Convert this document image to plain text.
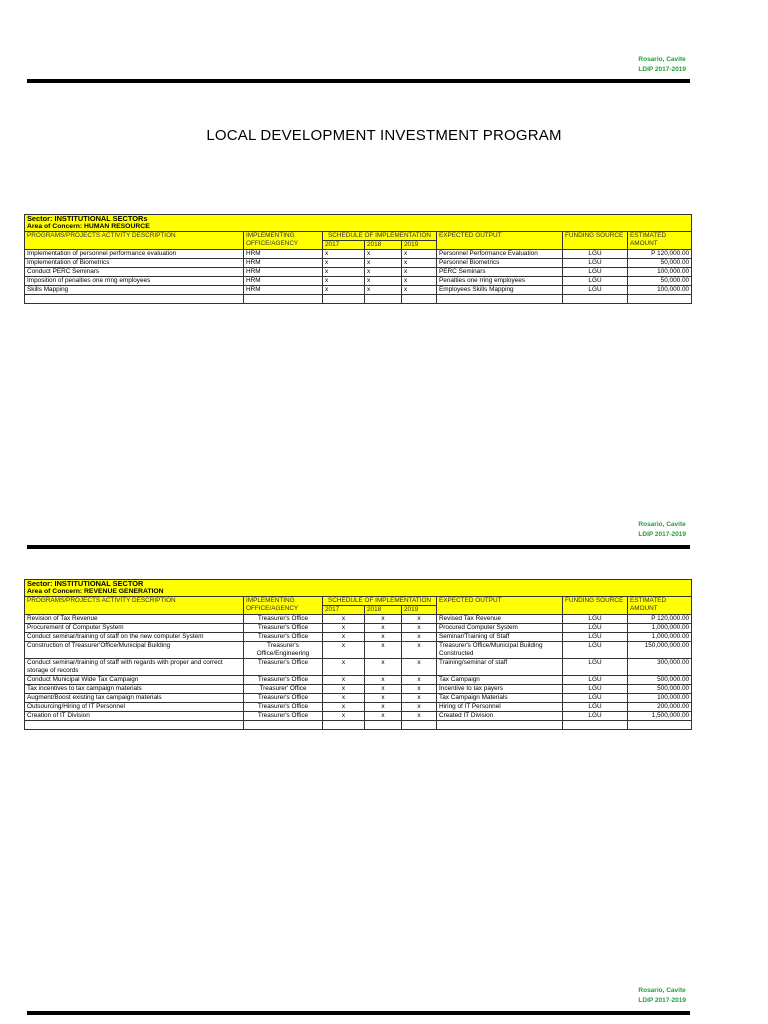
Rosario, Cavite
LDIP 2017-2019
LOCAL DEVELOPMENT INVESTMENT PROGRAM
Sector: INSTITUTIONAL SECTORs							
Area of Concern: HUMAN RESOURCE							
PROGRAMS/PROJECTS ACTIVITY DESCRIPTION	IMPLEMENTING OFFICE/AGENCY	SCHEDULE OF IMPLEMENTATION			EXPECTED OUTPUT	FUNDING SOURCE	ESTIMATED AMOUNT
		2017	2018	2019			
Implementation of personnel performance evaluation	HRM	x	x	x	Personnel Performance Evaluation	LGU	P 120,000.00
Implementation of Biometrics	HRM	x	x	x	Personnel Biometrics	LGU	50,000.00
Conduct PERC Seminars	HRM	x	x	x	PERC Seminars	LGU	100,000.00
Imposition of penalties one rring employees	HRM	x	x	x	Penalties one rring employees	LGU	50,000.00
Skills Mapping	HRM	x	x	x	Employees Skills Mapping	LGU	100,000.00

Rosario, Cavite
LDIP 2017-2019
Sector: INSTITUTIONAL SECTOR							
Area of Concern: REVENUE GENERATION							
PROGRAMS/PROJECTS ACTIVITY DESCRIPTION	IMPLEMENTING OFFICE/AGENCY	SCHEDULE OF IMPLEMENTATION			EXPECTED OUTPUT	FUNDING SOURCE	ESTIMATED AMOUNT
		2017	2018	2019			
Revision of Tax Revenue	Treasurer's Office	x	x	x	Revised Tax Revenue	LGU	P 120,000.00
Procurement of Computer System	Treasurer's Office	x	x	x	Procured Computer System	LGU	1,000,000.00
Conduct seminar/training of staff on the new computer System	Treasurer's Office	x	x	x	Seminar/Training of Staff	LGU	1,000,000.00
Construction of Treasurer'Office/Municipal Building	Treasurer's Office/Engineering	x	x	x	Treasurer's Office/Municipal Building Constructed	LGU	150,000,000.00
Conduct seminar/training of staff with regards with proper and correct storage of records	Treasurer's Office	x	x	x	Training/seminar of staff	LGU	300,000.00
Conduct Municipal Wide Tax Campaign	Treasurer's Office	x	x	x	Tax Campaign	LGU	500,000.00
Tax incentives to tax campaign materials	Treasurer' Office	x	x	x	Incentive to tax payers	LGU	500,000.00
Augment/Boost existing tax campaign materials	Treasurer's Office	x	x	x	Tax Campaign Materials	LGU	100,000.00
Outsourcing/Hiring of IT Personnel	Treasurer's Office	x	x	x	Hiring of IT Personnel	LGU	200,000.00
Creation of IT Division	Treasurer's Office	x	x	x	Created IT Division	LGU	1,500,000.00

Rosario, Cavite
LDIP 2017-2019
